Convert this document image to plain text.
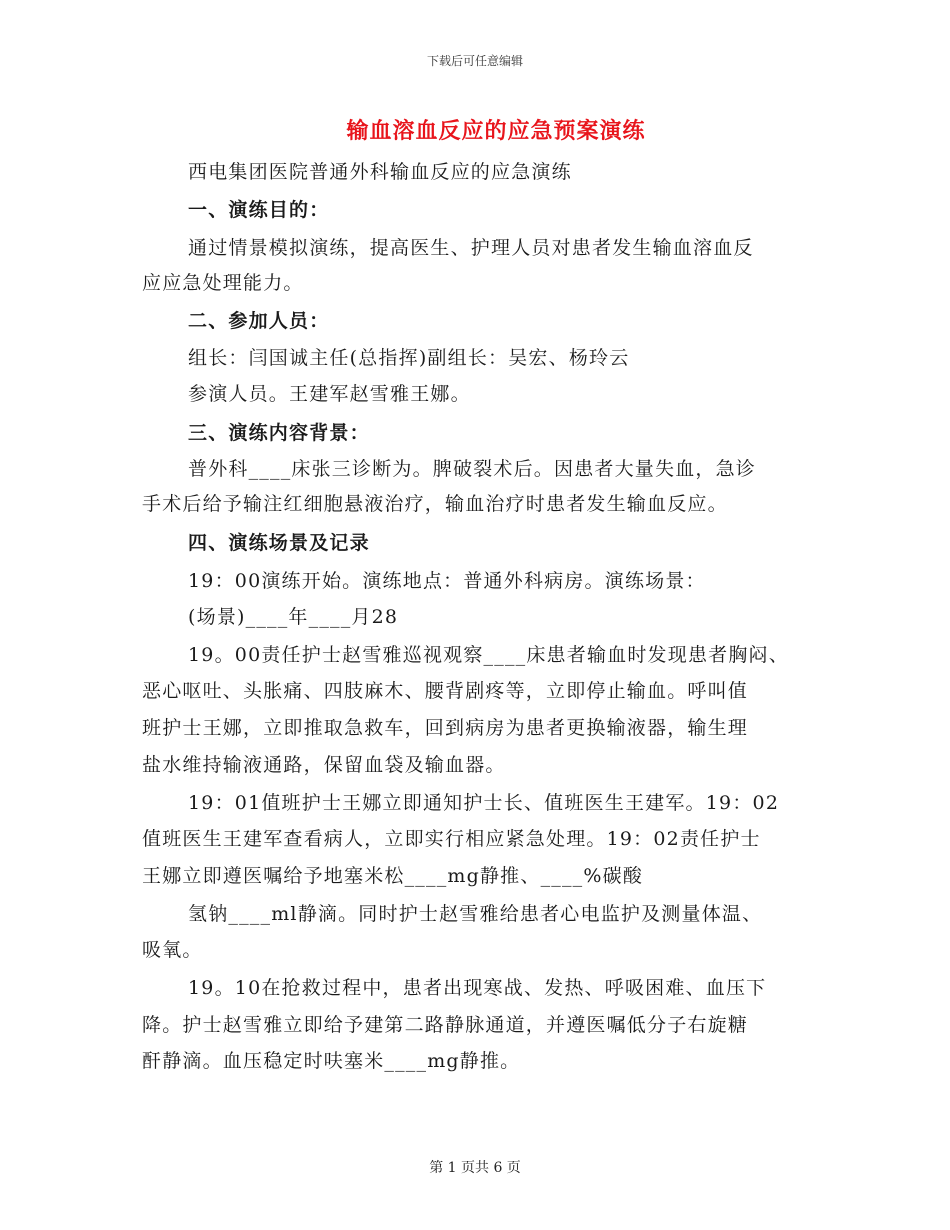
下载后可任意编辑
输血溶血反应的应急预案演练
西电集团医院普通外科输血反应的应急演练
一、演练目的：
通过情景模拟演练，提高医生、护理人员对患者发生输血溶血反
应应急处理能力。
二、参加人员：
组长：闫国诚主任(总指挥)副组长：吴宏、杨玲云
参演人员。王建军赵雪雅王娜。
三、演练内容背景：
普外科____床张三诊断为。脾破裂术后。因患者大量失血，急诊
手术后给予输注红细胞悬液治疗，输血治疗时患者发生输血反应。
四、演练场景及记录
19：00演练开始。演练地点：普通外科病房。演练场景：
(场景)____年____月28
19。00责任护士赵雪雅巡视观察____床患者输血时发现患者胸闷、
恶心呕吐、头胀痛、四肢麻木、腰背剧疼等，立即停止输血。呼叫值
班护士王娜，立即推取急救车，回到病房为患者更换输液器，输生理
盐水维持输液通路，保留血袋及输血器。
19：01值班护士王娜立即通知护士长、值班医生王建军。19：02
值班医生王建军查看病人，立即实行相应紧急处理。19：02责任护士
王娜立即遵医嘱给予地塞米松____mg静推、____%碳酸
氢钠____ml静滴。同时护士赵雪雅给患者心电监护及测量体温、
吸氧。
19。10在抢救过程中，患者出现寒战、发热、呼吸困难、血压下
降。护士赵雪雅立即给予建第二路静脉通道，并遵医嘱低分子右旋糖
酐静滴。血压稳定时呋塞米____mg静推。
第 1 页共 6 页
